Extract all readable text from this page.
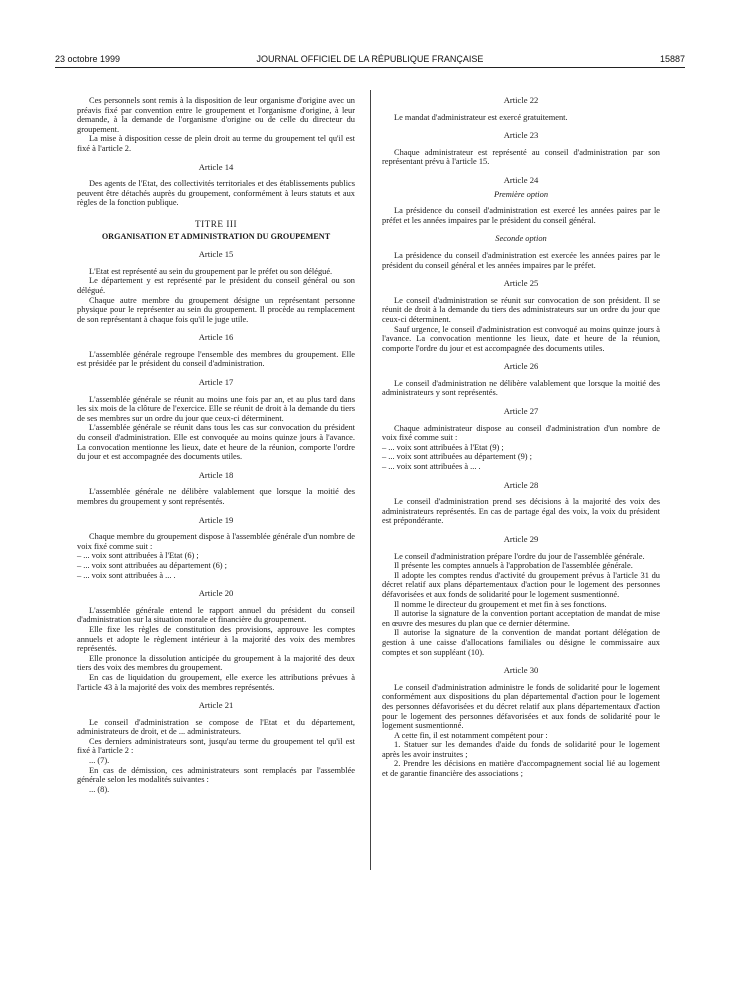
23 octobre 1999	JOURNAL OFFICIEL DE LA RÉPUBLIQUE FRANÇAISE	15887

Ces personnels sont remis à la disposition de leur organisme d'origine avec un préavis fixé par convention entre le groupement et l'organisme d'origine, à leur demande, à la demande de l'organisme d'origine ou de celle du directeur du groupement.

La mise à disposition cesse de plein droit au terme du groupement tel qu'il est fixé à l'article 2.

Article 14

Des agents de l'Etat, des collectivités territoriales et des établissements publics peuvent être détachés auprès du groupement, conformément à leurs statuts et aux règles de la fonction publique.

TITRE III
ORGANISATION ET ADMINISTRATION DU GROUPEMENT
Article 15

L'Etat est représenté au sein du groupement par le préfet ou son délégué.

Le département y est représenté par le président du conseil général ou son délégué.

Chaque autre membre du groupement désigne un représentant personne physique pour le représenter au sein du groupement. Il procède au remplacement de son représentant à chaque fois qu'il le juge utile.

Article 16

L'assemblée générale regroupe l'ensemble des membres du groupement. Elle est présidée par le président du conseil d'administration.

Article 17

L'assemblée générale se réunit au moins une fois par an, et au plus tard dans les six mois de la clôture de l'exercice. Elle se réunit de droit à la demande du tiers de ses membres sur un ordre du jour que ceux-ci déterminent.

L'assemblée générale se réunit dans tous les cas sur convocation du président du conseil d'administration. Elle est convoquée au moins quinze jours à l'avance. La convocation mentionne les lieux, date et heure de la réunion, comporte l'ordre du jour et est accompagnée des documents utiles.

Article 18

L'assemblée générale ne délibère valablement que lorsque la moitié des membres du groupement y sont représentés.

Article 19

Chaque membre du groupement dispose à l'assemblée générale d'un nombre de voix fixé comme suit :

– ... voix sont attribuées à l'Etat (6) ;

– ... voix sont attribuées au département (6) ;

– ... voix sont attribuées à ... .

Article 20

L'assemblée générale entend le rapport annuel du président du conseil d'administration sur la situation morale et financière du groupement.

Elle fixe les règles de constitution des provisions, approuve les comptes annuels et adopte le règlement intérieur à la majorité des voix des membres représentés.

Elle prononce la dissolution anticipée du groupement à la majorité des deux tiers des voix des membres du groupement.

En cas de liquidation du groupement, elle exerce les attributions prévues à l'article 43 à la majorité des voix des membres représentés.

Article 21

Le conseil d'administration se compose de l'Etat et du département, administrateurs de droit, et de ... administrateurs.

Ces derniers administrateurs sont, jusqu'au terme du groupement tel qu'il est fixé à l'article 2 :

... (7).

En cas de démission, ces administrateurs sont remplacés par l'assemblée générale selon les modalités suivantes :

... (8).

Article 22

Le mandat d'administrateur est exercé gratuitement.

Article 23

Chaque administrateur est représenté au conseil d'administration par son représentant prévu à l'article 15.

Article 24
Première option

La présidence du conseil d'administration est exercé les années paires par le préfet et les années impaires par le président du conseil général.

Seconde option

La présidence du conseil d'administration est exercée les années paires par le président du conseil général et les années impaires par le préfet.

Article 25

Le conseil d'administration se réunit sur convocation de son président. Il se réunit de droit à la demande du tiers des administrateurs sur un ordre du jour que ceux-ci déterminent.

Sauf urgence, le conseil d'administration est convoqué au moins quinze jours à l'avance. La convocation mentionne les lieux, date et heure de la réunion, comporte l'ordre du jour et est accompagnée des documents utiles.

Article 26

Le conseil d'administration ne délibère valablement que lorsque la moitié des administrateurs y sont représentés.

Article 27

Chaque administrateur dispose au conseil d'administration d'un nombre de voix fixé comme suit :

– ... voix sont attribuées à l'Etat (9) ;

– ... voix sont attribuées au département (9) ;

– ... voix sont attribuées à ... .

Article 28

Le conseil d'administration prend ses décisions à la majorité des voix des administrateurs représentés. En cas de partage égal des voix, la voix du président est prépondérante.

Article 29

Le conseil d'administration prépare l'ordre du jour de l'assemblée générale.

Il présente les comptes annuels à l'approbation de l'assemblée générale.

Il adopte les comptes rendus d'activité du groupement prévus à l'article 31 du décret relatif aux plans départementaux d'action pour le logement des personnes défavorisées et aux fonds de solidarité pour le logement susmentionné.

Il nomme le directeur du groupement et met fin à ses fonctions.

Il autorise la signature de la convention portant acceptation de mandat de mise en œuvre des mesures du plan que ce dernier détermine.

Il autorise la signature de la convention de mandat portant délégation de gestion à une caisse d'allocations familiales ou désigne le commissaire aux comptes et son suppléant (10).

Article 30

Le conseil d'administration administre le fonds de solidarité pour le logement conformément aux dispositions du plan départemental d'action pour le logement des personnes défavorisées et du décret relatif aux plans départementaux d'action pour le logement des personnes défavorisées et aux fonds de solidarité pour le logement susmentionné.

A cette fin, il est notamment compétent pour :

1. Statuer sur les demandes d'aide du fonds de solidarité pour le logement après les avoir instruites ;

2. Prendre les décisions en matière d'accompagnement social lié au logement et de garantie financière des associations ;
